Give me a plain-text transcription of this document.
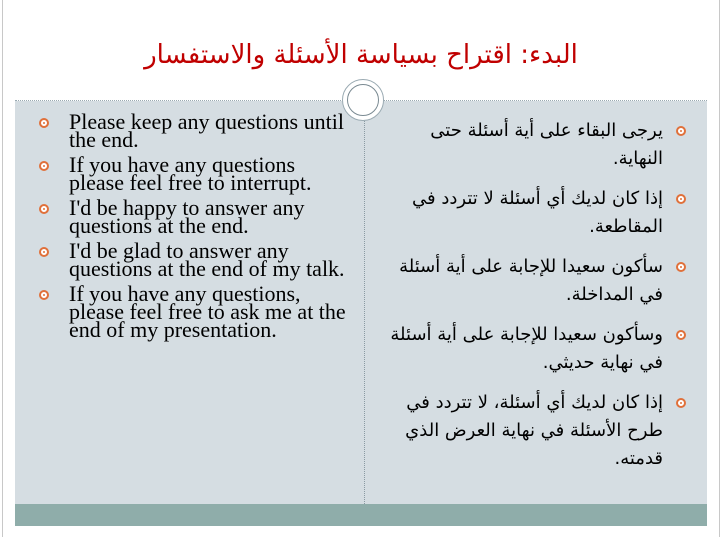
البدء: اقتراح بسياسة الأسئلة والاستفسار
Please keep any questions until the end.
If you have any questions please feel free to interrupt.
I'd be happy to answer any questions at the end.
I'd be glad to answer any questions at the end of my talk.
If you have any questions, please feel free to ask me at the end of my presentation.
يرجى البقاء على أية أسئلة حتى النهاية.
إذا كان لديك أي أسئلة لا تتردد في المقاطعة.
سأكون سعيدا للإجابة على أية أسئلة في المداخلة.
وسأكون سعيدا للإجابة على أية أسئلة في نهاية حديثي.
إذا كان لديك أي أسئلة، لا تتردد في طرح الأسئلة في نهاية العرض الذي قدمته.
